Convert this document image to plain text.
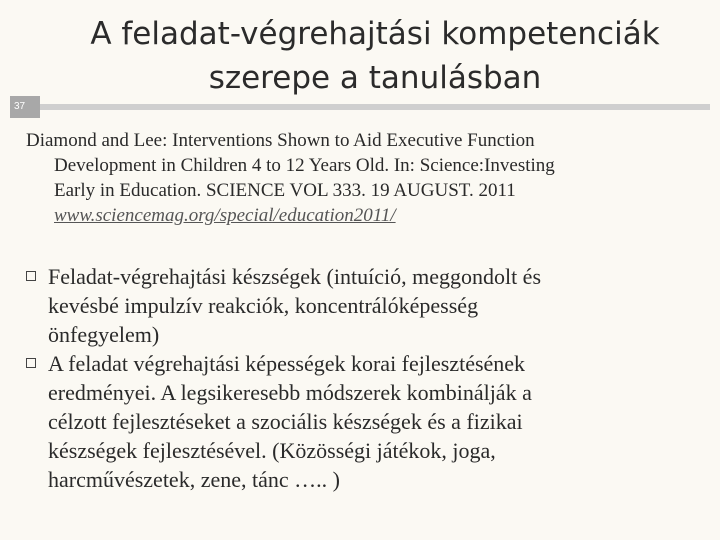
A feladat-végrehajtási kompetenciák
szerepe a tanulásban
37
Diamond and Lee: Interventions Shown to Aid Executive Function
Development in Children 4 to 12 Years Old. In: Science:Investing
Early in Education. SCIENCE VOL 333. 19 AUGUST. 2011
www.sciencemag.org/special/education2011/
Feladat-végrehajtási készségek (intuíció, meggondolt és
kevésbé impulzív reakciók, koncentrálóképesség
önfegyelem)
A feladat végrehajtási képességek korai fejlesztésének
eredményei. A legsikeresebb módszerek kombinálják a
célzott fejlesztéseket a szociális készségek és a fizikai
készségek fejlesztésével. (Közösségi játékok, joga,
harcművészetek, zene, tánc ….. )
